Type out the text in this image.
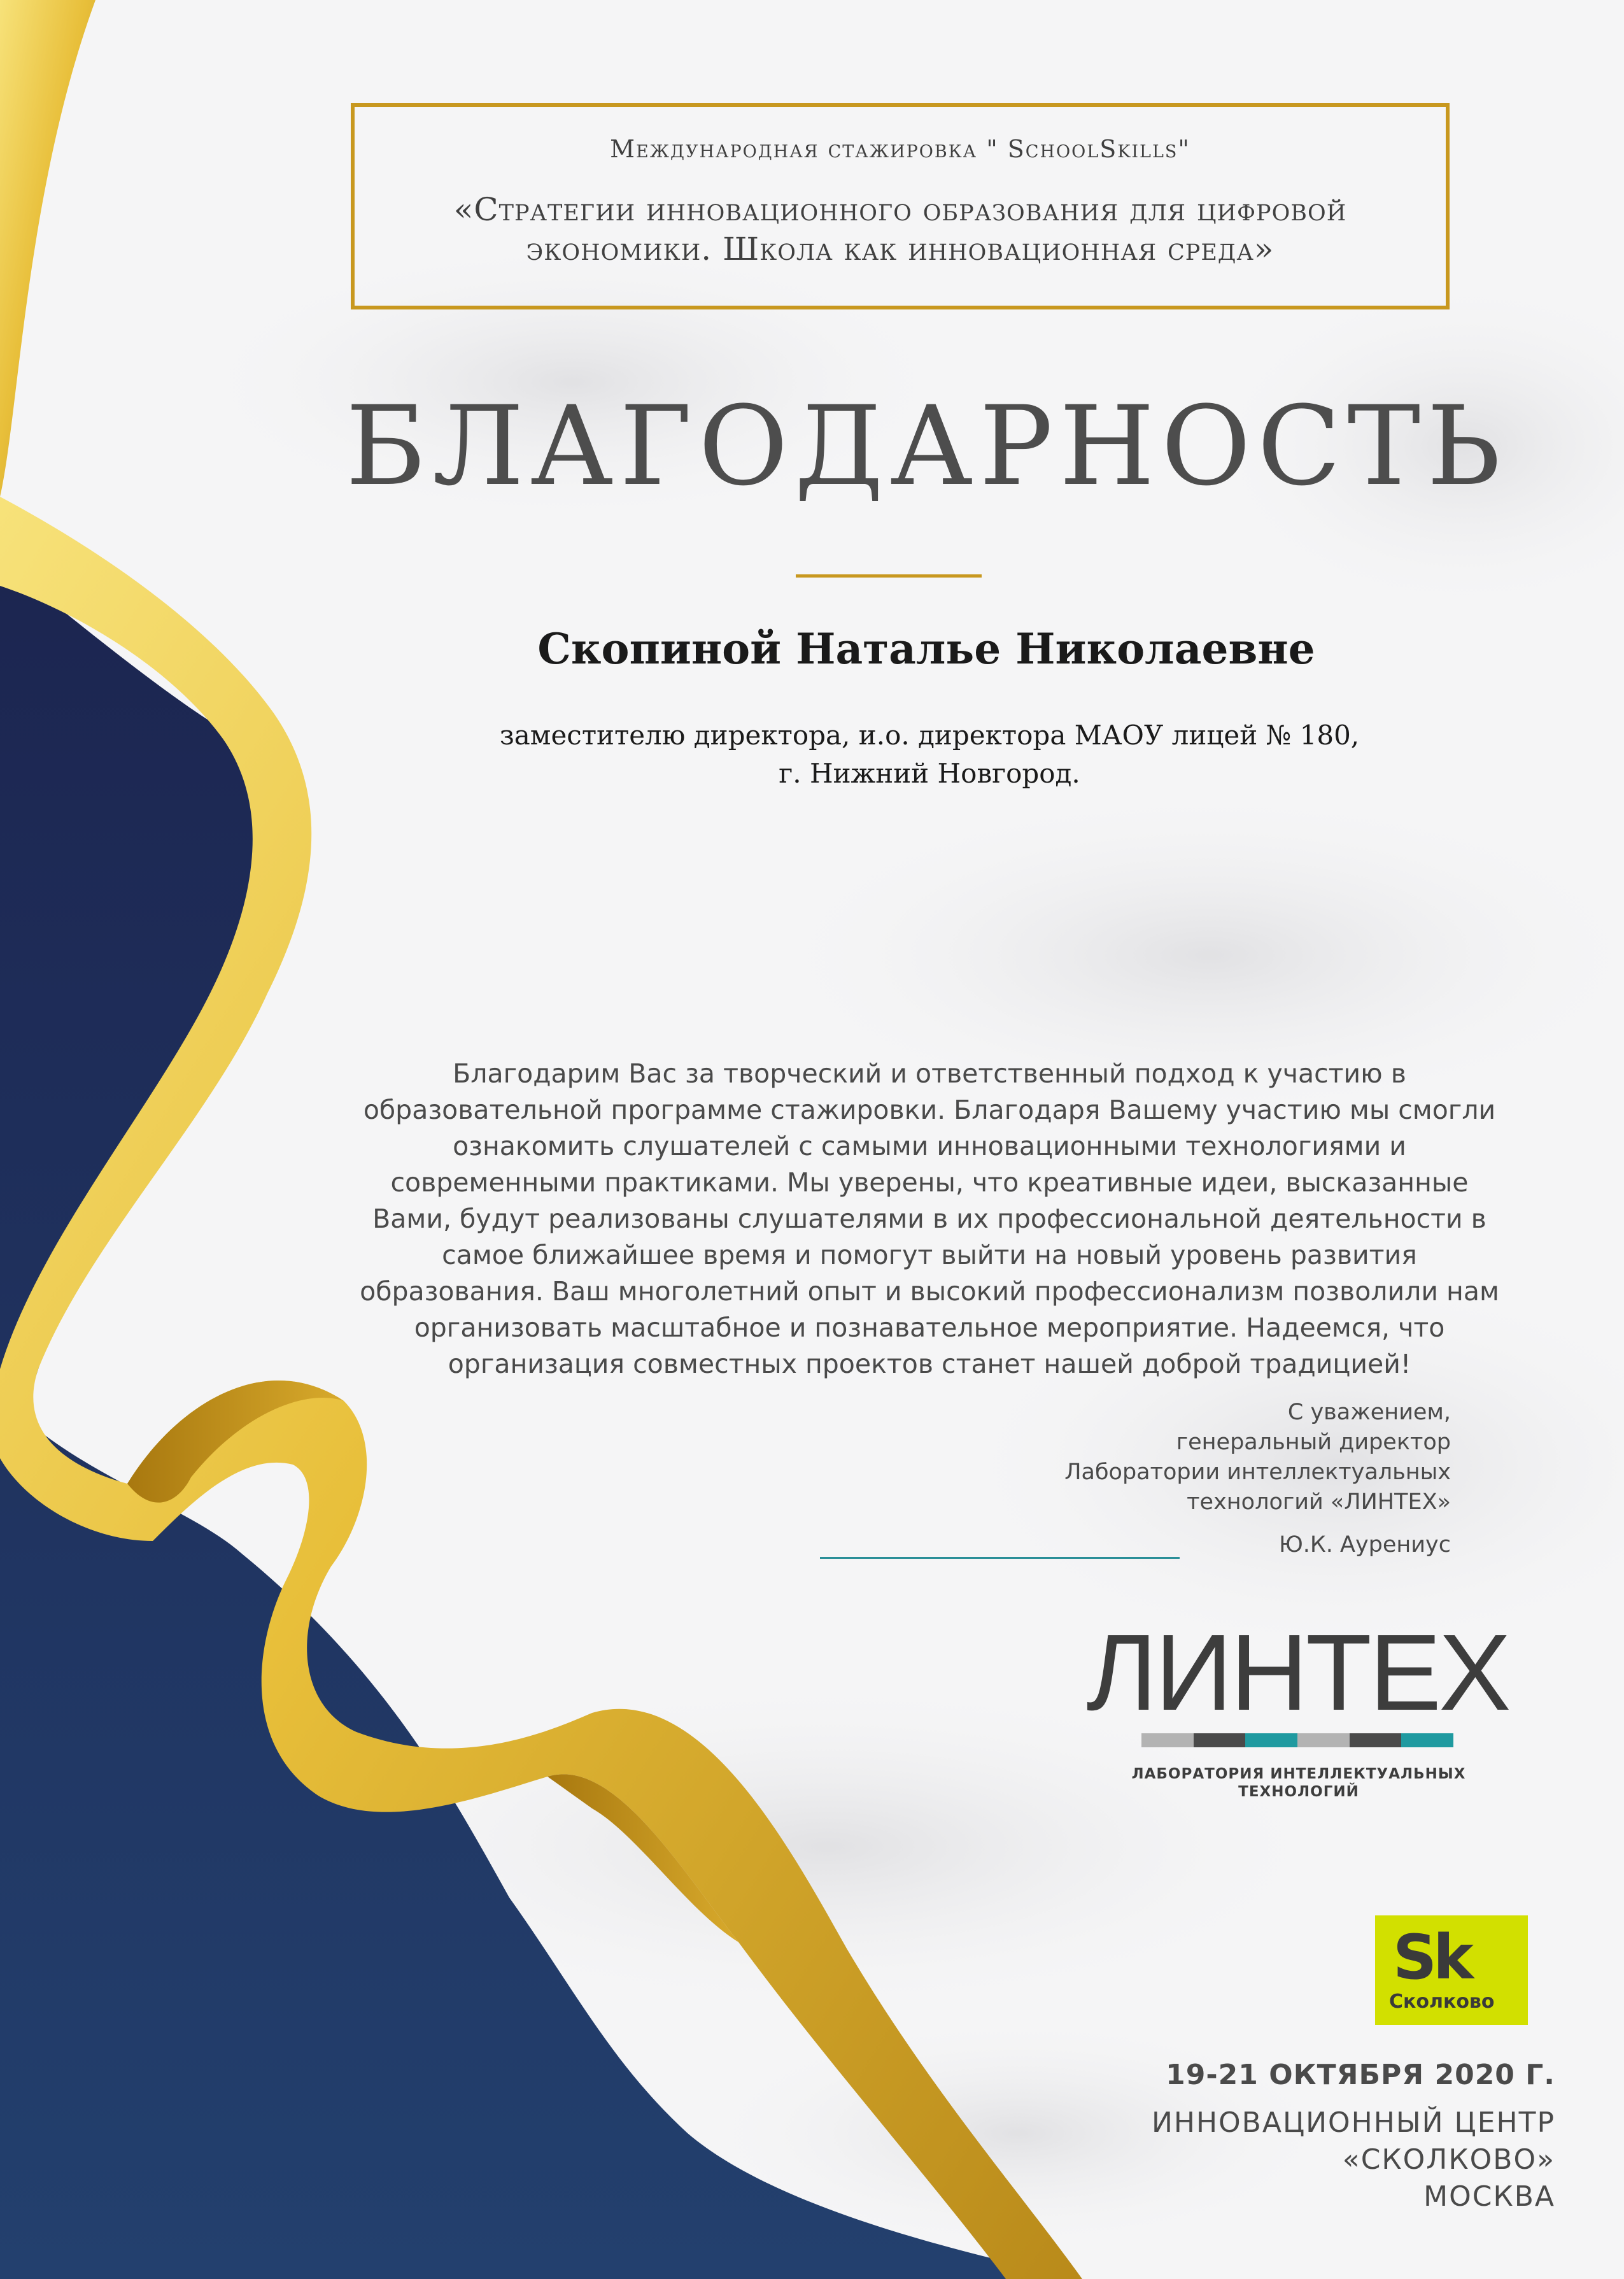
Международная стажировка " SchoolSkills"
«Стратегии инновационного образования для цифровой экономики. Школа как инновационная среда»
БЛАГОДАРНОСТЬ
Скопиной Наталье Николаевне
заместителю директора, и.о. директора МАОУ лицей № 180,
г. Нижний Новгород.
Благодарим Вас за творческий и ответственный подход к участию в образовательной программе стажировки. Благодаря Вашему участию мы смогли ознакомить слушателей с самыми инновационными технологиями и современными практиками. Мы уверены, что креативные идеи, высказанные Вами, будут реализованы слушателями в их профессиональной деятельности в самое ближайшее время и помогут выйти на новый уровень развития образования. Ваш многолетний опыт и высокий профессионализм позволили нам организовать масштабное и познавательное мероприятие. Надеемся, что организация совместных проектов станет нашей доброй традицией!
С уважением,
генеральный директор
Лаборатории интеллектуальных
технологий «ЛИНТЕХ»
Ю.К. Аурениус
ЛИНТЕХ
ЛАБОРАТОРИЯ ИНТЕЛЛЕКТУАЛЬНЫХ
ТЕХНОЛОГИЙ
Sk
Сколково
19-21 ОКТЯБРЯ 2020 Г.
ИННОВАЦИОННЫЙ ЦЕНТР
«СКОЛКОВО»
МОСКВА
